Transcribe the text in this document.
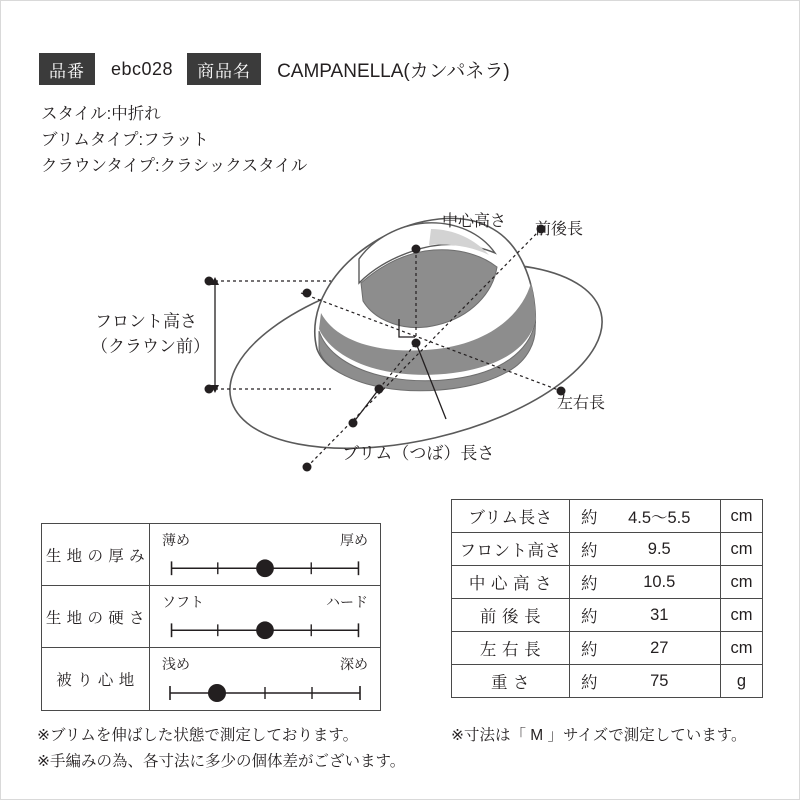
品番	ebc028	商品名	CAMPANELLA(カンパネラ)
スタイル:中折れ
ブリムタイプ:フラット
クラウンタイプ:クラシックスタイル
中心高さ 前後長
左右長
フロント高さ
（クラウン前）
ブリム（つば）長さ
生 地 の 厚 み
薄め	厚め
生 地 の 硬 さ
ソフト	ハード
被 り 心 地
浅め	深め
ブリム長さ	約	4.5〜5.5	cm
フロント高さ	約	9.5	cm
中 心 高 さ	約	10.5	cm
前 後 長	約	31	cm
左 右 長	約	27	cm
重 さ	約	75	g
※ブリムを伸ばした状態で測定しております。
※手編みの為、各寸法に多少の個体差がございます。
※寸法は「 M 」サイズで測定しています。
